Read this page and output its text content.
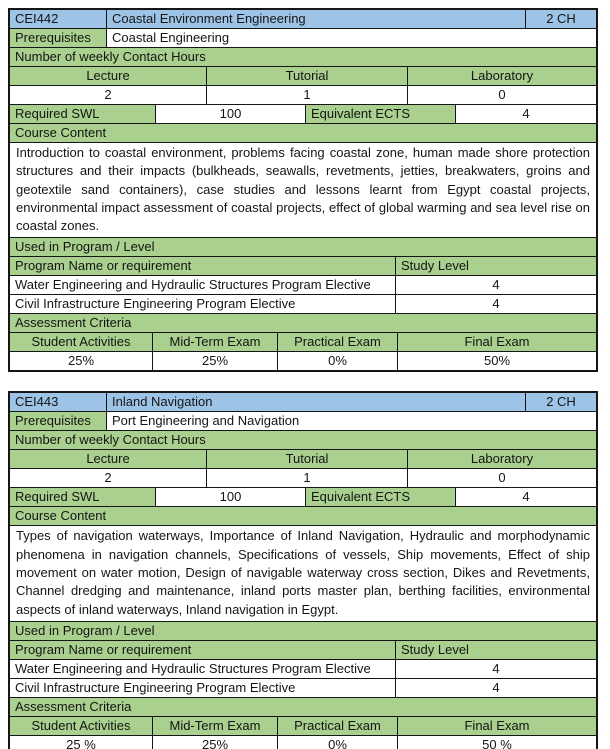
CEI442	Coastal Environment Engineering	2 CH
Prerequisites	Coastal Engineering
Number of weekly Contact Hours
Lecture	Tutorial	Laboratory
2	1	0
Required SWL	100	Equivalent ECTS	4
Course Content
Introduction to coastal environment, problems facing coastal zone, human made shore protection structures and their impacts (bulkheads, seawalls, revetments, jetties, breakwaters, groins and geotextile sand containers), case studies and lessons learnt from Egypt coastal projects, environmental impact assessment of coastal projects, effect of global warming and sea level rise on coastal zones.
Used in Program / Level
Program Name or requirement	Study Level
Water Engineering and Hydraulic Structures Program Elective	4
Civil Infrastructure Engineering Program Elective	4
Assessment Criteria
Student Activities	Mid-Term Exam	Practical Exam	Final Exam
25%	25%	0%	50%
CEI443	Inland Navigation	2 CH
Prerequisites	Port Engineering and Navigation
Number of weekly Contact Hours
Lecture	Tutorial	Laboratory
2	1	0
Required SWL	100	Equivalent ECTS	4
Course Content
Types of navigation waterways, Importance of Inland Navigation, Hydraulic and morphodynamic phenomena in navigation channels, Specifications of vessels, Ship movements, Effect of ship movement on water motion, Design of navigable waterway cross section, Dikes and Revetments, Channel dredging and maintenance, inland ports master plan, berthing facilities, environmental aspects of inland waterways, Inland navigation in Egypt.
Used in Program / Level
Program Name or requirement	Study Level
Water Engineering and Hydraulic Structures Program Elective	4
Civil Infrastructure Engineering Program Elective	4
Assessment Criteria
Student Activities	Mid-Term Exam	Practical Exam	Final Exam
25 %	25%	0%	50 %
